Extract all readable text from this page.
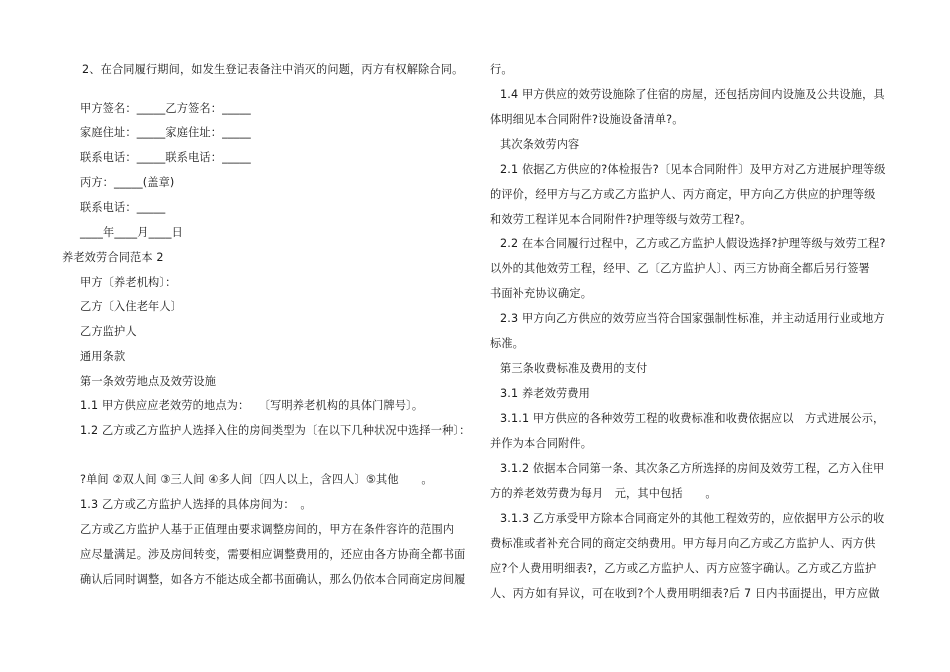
2、在合同履行期间，如发生登记表备注中消灭的问题，丙方有权解除合同。
甲方签名：_____乙方签名：_____
家庭住址：_____家庭住址：_____
联系电话：_____联系电话：_____
丙方：_____(盖章)
联系电话：_____
____年____月____日
养老效劳合同范本 2
甲方〔养老机构〕：
乙方〔入住老年人〕
乙方监护人
通用条款
第一条效劳地点及效劳设施
1.1 甲方供应应老效劳的地点为：　 〔写明养老机构的具体门牌号〕。
1.2 乙方或乙方监护人选择入住的房间类型为〔在以下几种状况中选择一种〕：
?单间 ②双人间 ③三人间 ④多人间〔四人以上，含四人〕⑤其他　　。
1.3 乙方或乙方监护人选择的具体房间为：　。
乙方或乙方监护人基于正值理由要求调整房间的，甲方在条件容许的范围内
应尽量满足。涉及房间转变，需要相应调整费用的，还应由各方协商全都书面
确认后同时调整，如各方不能达成全都书面确认，那么仍依本合同商定房间履
行。
1.4 甲方供应的效劳设施除了住宿的房屋，还包括房间内设施及公共设施，具
体明细见本合同附件?设施设备清单?。
其次条效劳内容
2.1 依据乙方供应的?体检报告?〔见本合同附件〕及甲方对乙方进展护理等级
的评价，经甲方与乙方或乙方监护人、丙方商定，甲方向乙方供应的护理等级
和效劳工程详见本合同附件?护理等级与效劳工程?。
2.2 在本合同履行过程中，乙方或乙方监护人假设选择?护理等级与效劳工程?
以外的其他效劳工程，经甲、乙〔乙方监护人〕、丙三方协商全都后另行签署
书面补充协议确定。
2.3 甲方向乙方供应的效劳应当符合国家强制性标准，并主动适用行业或地方
标准。
第三条收费标准及费用的支付
3.1 养老效劳费用
3.1.1 甲方供应的各种效劳工程的收费标准和收费依据应以　方式进展公示，
并作为本合同附件。
3.1.2 依据本合同第一条、其次条乙方所选择的房间及效劳工程，乙方入住甲
方的养老效劳费为每月　元，其中包括　　。
3.1.3 乙方承受甲方除本合同商定外的其他工程效劳的，应依据甲方公示的收
费标准或者补充合同的商定交纳费用。甲方每月向乙方或乙方监护人、丙方供
应?个人费用明细表?，乙方或乙方监护人、丙方应签字确认。乙方或乙方监护
人、丙方如有异议，可在收到?个人费用明细表?后 7 日内书面提出，甲方应做
